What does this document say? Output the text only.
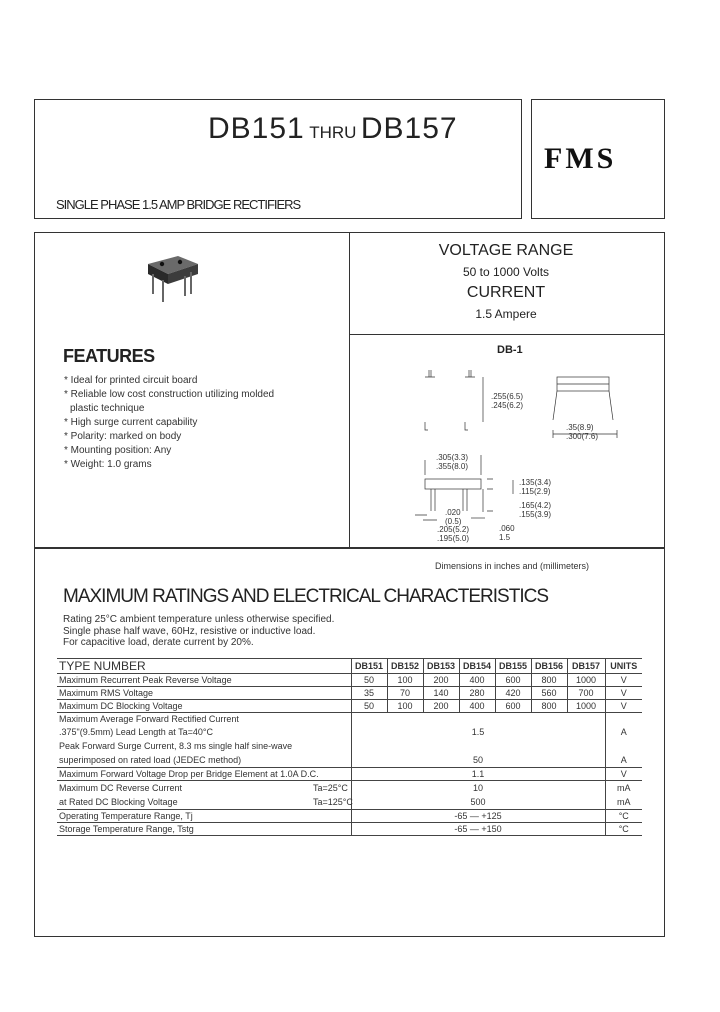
DB151 THRU DB157
SINGLE PHASE 1.5 AMP BRIDGE RECTIFIERS
FMS
FEATURES
* Ideal for printed circuit board
* Reliable low cost construction utilizing molded
plastic technique
* High surge current capability
* Polarity: marked on body
* Mounting position: Any
* Weight: 1.0 grams
VOLTAGE RANGE
50 to 1000 Volts
CURRENT
1.5 Ampere
DB-1
.255(6.5)
.245(6.2)
.35(8.9)
.300(7.6)
.305(3.3)
.355(8.0)
.135(3.4)
.115(2.9)
.165(4.2)
.155(3.9)
.020
(0.5)
.205(5.2)
.195(5.0)
.060
1.5
Dimensions in inches and (millimeters)
MAXIMUM RATINGS AND ELECTRICAL CHARACTERISTICS
Rating 25°C ambient temperature unless otherwise specified.
Single phase half wave, 60Hz, resistive or inductive load.
For capacitive load, derate current by 20%.
TYPE NUMBER	DB151	DB152	DB153	DB154	DB155	DB156	DB157	UNITS
Maximum Recurrent Peak Reverse Voltage	50	100	200	400	600	800	1000	V
Maximum RMS Voltage	35	70	140	280	420	560	700	V
Maximum DC Blocking Voltage	50	100	200	400	600	800	1000	V
Maximum Average Forward Rectified Current								
.375"(9.5mm) Lead Length at Ta=40°C	1.5							A
Peak Forward Surge Current, 8.3 ms single half sine-wave								
superimposed on rated load (JEDEC method)	50							A
Maximum Forward Voltage Drop per Bridge Element at 1.0A D.C.	1.1							V
Maximum DC Reverse Current Ta=25°C	10							mA
at Rated DC Blocking Voltage Ta=125°C	500							mA
Operating Temperature Range, Tj	-65 — +125							°C
Storage Temperature Range, Tstg	-65 — +150							°C
